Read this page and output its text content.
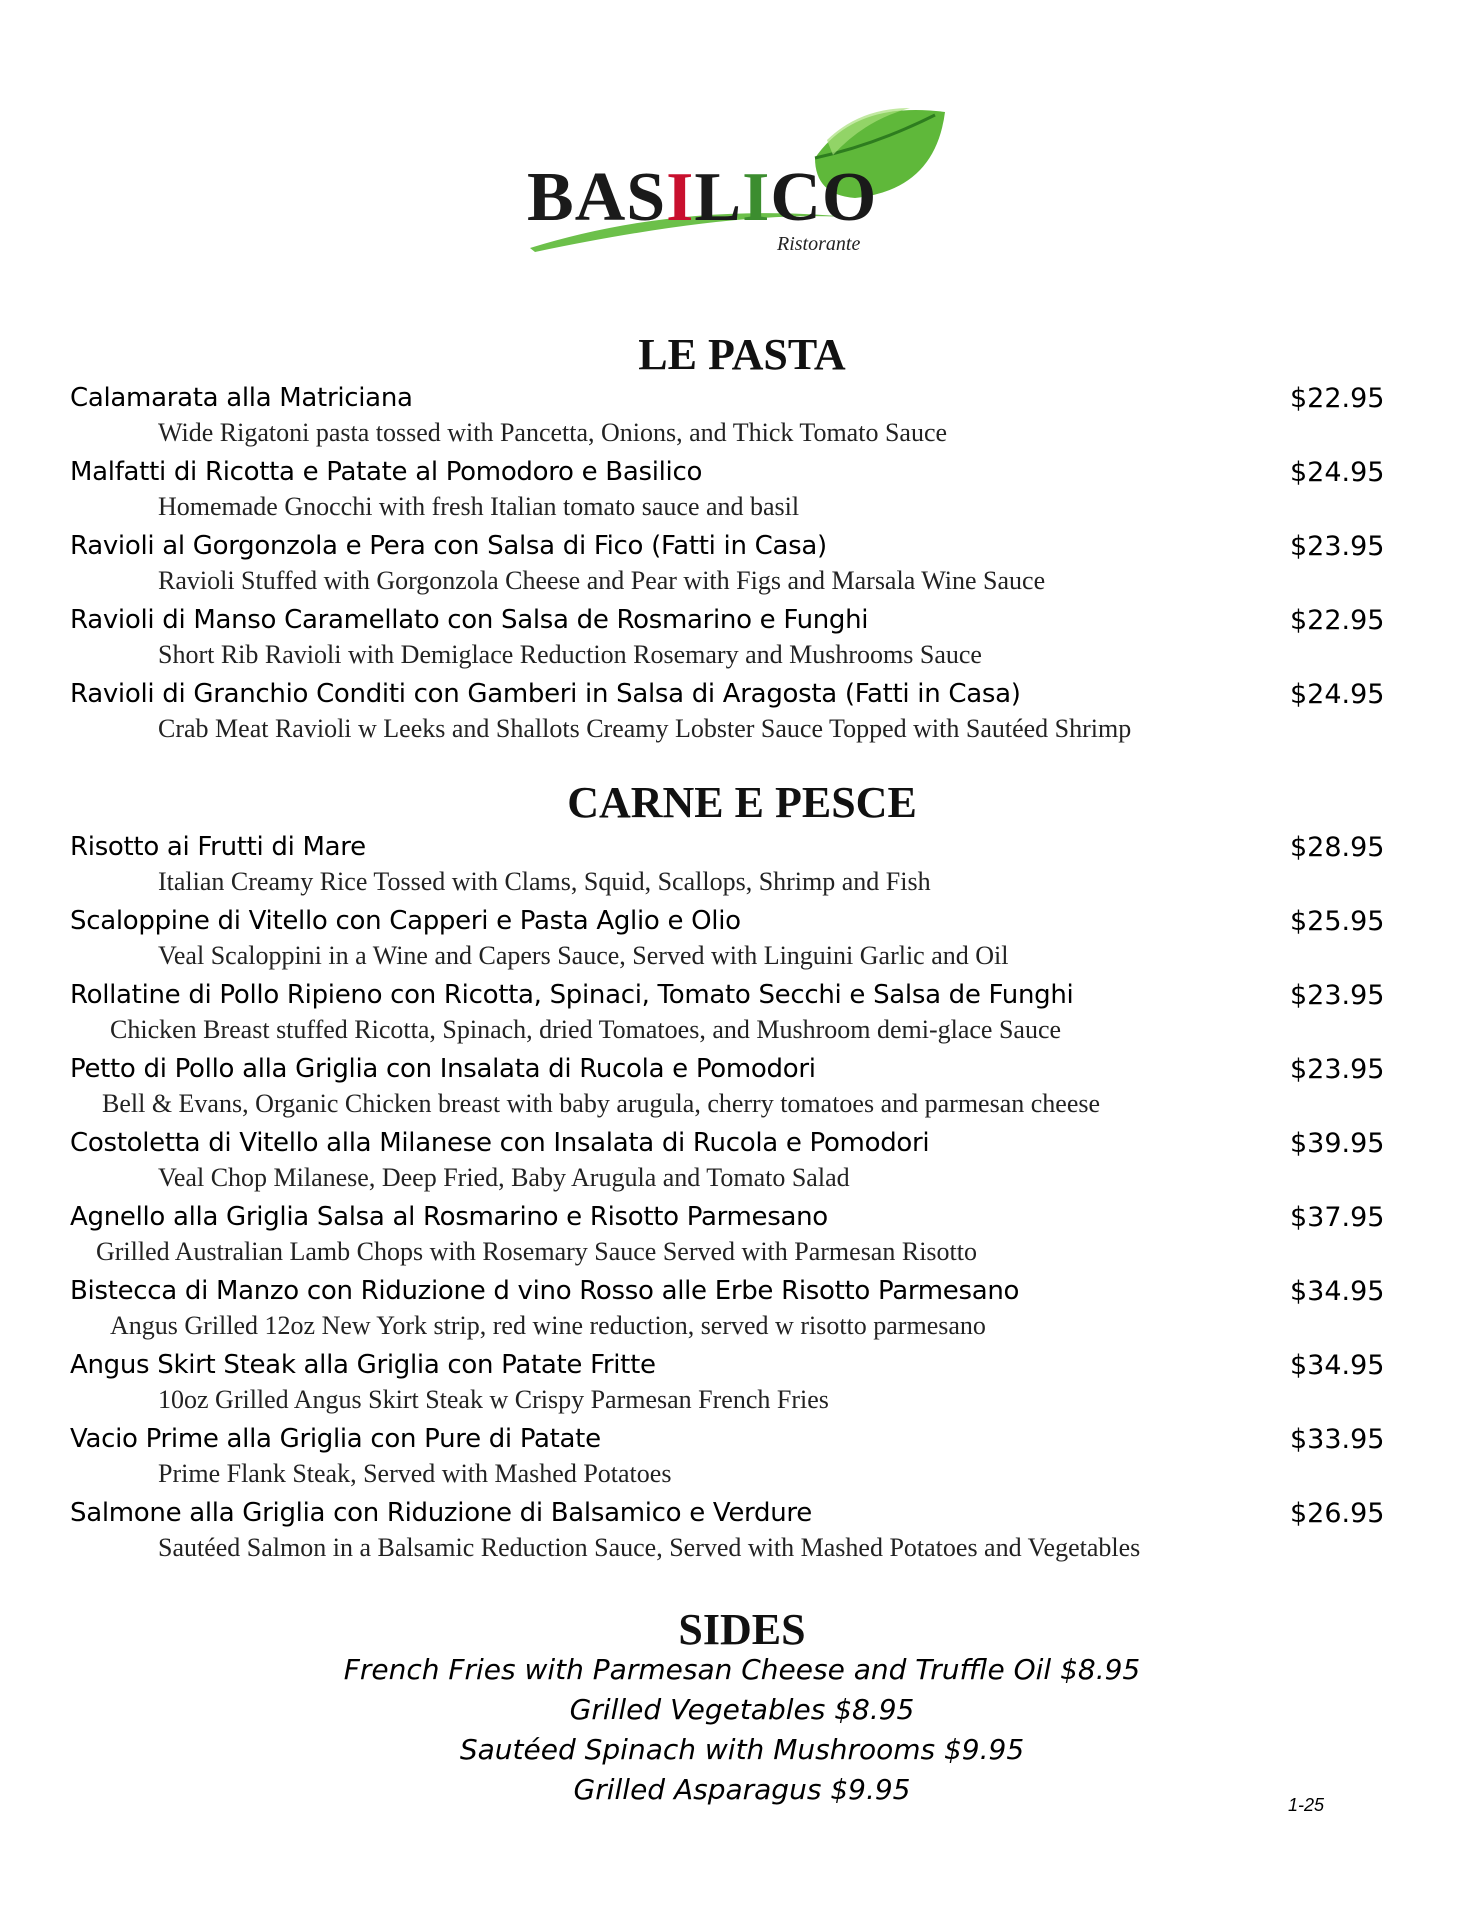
BASILICO
Ristorante
LE PASTA
Calamarata alla Matriciana	$22.95
Wide Rigatoni pasta tossed with Pancetta, Onions, and Thick Tomato Sauce
Malfatti di Ricotta e Patate al Pomodoro e Basilico	$24.95
Homemade Gnocchi with fresh Italian tomato sauce and basil
Ravioli al Gorgonzola e Pera con Salsa di Fico (Fatti in Casa)	$23.95
Ravioli Stuffed with Gorgonzola Cheese and Pear with Figs and Marsala Wine Sauce
Ravioli di Manso Caramellato con Salsa de Rosmarino e Funghi	$22.95
Short Rib Ravioli with Demiglace Reduction Rosemary and Mushrooms Sauce
Ravioli di Granchio Conditi con Gamberi in Salsa di Aragosta (Fatti in Casa)	$24.95
Crab Meat Ravioli w Leeks and Shallots Creamy Lobster Sauce Topped with Sautéed Shrimp
CARNE E PESCE
Risotto ai Frutti di Mare	$28.95
Italian Creamy Rice Tossed with Clams, Squid, Scallops, Shrimp and Fish
Scaloppine di Vitello con Capperi e Pasta Aglio e Olio	$25.95
Veal Scaloppini in a Wine and Capers Sauce, Served with Linguini Garlic and Oil
Rollatine di Pollo Ripieno con Ricotta, Spinaci, Tomato Secchi e Salsa de Funghi	$23.95
Chicken Breast stuffed Ricotta, Spinach, dried Tomatoes, and Mushroom demi-glace Sauce
Petto di Pollo alla Griglia con Insalata di Rucola e Pomodori	$23.95
Bell & Evans, Organic Chicken breast with baby arugula, cherry tomatoes and parmesan cheese
Costoletta di Vitello alla Milanese con Insalata di Rucola e Pomodori	$39.95
Veal Chop Milanese, Deep Fried, Baby Arugula and Tomato Salad
Agnello alla Griglia Salsa al Rosmarino e Risotto Parmesano	$37.95
Grilled Australian Lamb Chops with Rosemary Sauce Served with Parmesan Risotto
Bistecca di Manzo con Riduzione d vino Rosso alle Erbe Risotto Parmesano	$34.95
Angus Grilled 12oz New York strip, red wine reduction, served w risotto parmesano
Angus Skirt Steak alla Griglia con Patate Fritte	$34.95
10oz Grilled Angus Skirt Steak w Crispy Parmesan French Fries
Vacio Prime alla Griglia con Pure di Patate	$33.95
Prime Flank Steak, Served with Mashed Potatoes
Salmone alla Griglia con Riduzione di Balsamico e Verdure	$26.95
Sautéed Salmon in a Balsamic Reduction Sauce, Served with Mashed Potatoes and Vegetables
SIDES
French Fries with Parmesan Cheese and Truffle Oil $8.95
Grilled Vegetables $8.95
Sautéed Spinach with Mushrooms $9.95
Grilled Asparagus $9.95	1-25
